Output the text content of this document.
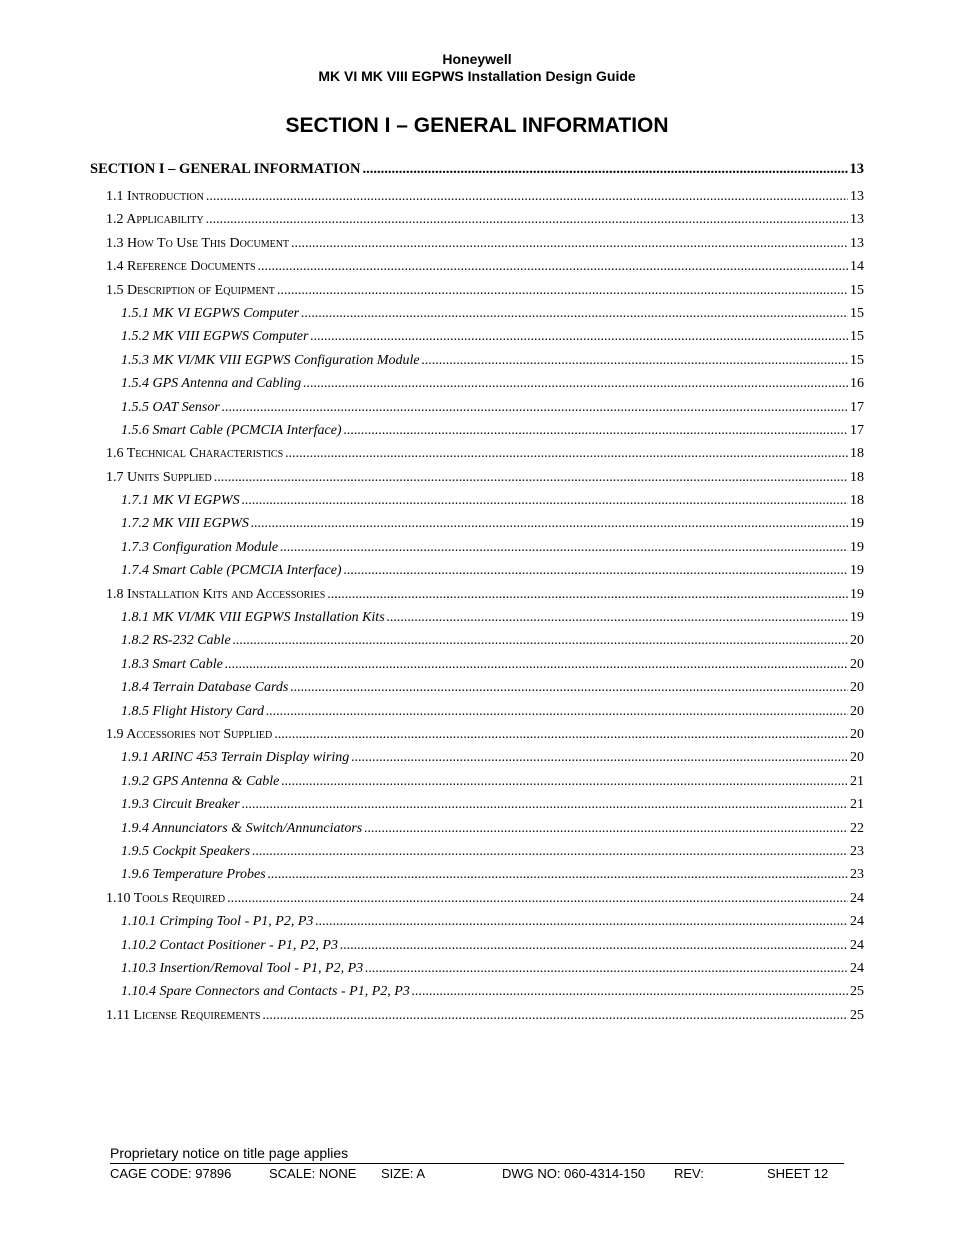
Honeywell
MK VI MK VIII EGPWS Installation Design Guide
SECTION I – GENERAL INFORMATION
SECTION I – GENERAL INFORMATION .....	13
1.1 Introduction .....	13
1.2 Applicability .....	13
1.3 How To Use This Document .....	13
1.4 Reference Documents .....	14
1.5 Description of Equipment .....	15
1.5.1 MK VI EGPWS Computer .....	15
1.5.2 MK VIII EGPWS Computer .....	15
1.5.3 MK VI/MK VIII EGPWS Configuration Module .....	15
1.5.4 GPS Antenna and Cabling .....	16
1.5.5 OAT Sensor .....	17
1.5.6 Smart Cable (PCMCIA Interface) .....	17
1.6 Technical Characteristics .....	18
1.7 Units Supplied .....	18
1.7.1 MK VI EGPWS .....	18
1.7.2 MK VIII EGPWS .....	19
1.7.3 Configuration Module .....	19
1.7.4 Smart Cable (PCMCIA Interface) .....	19
1.8 Installation Kits and Accessories .....	19
1.8.1 MK VI/MK VIII EGPWS Installation Kits .....	19
1.8.2 RS-232 Cable .....	20
1.8.3 Smart Cable .....	20
1.8.4 Terrain Database Cards .....	20
1.8.5 Flight History Card .....	20
1.9 Accessories not Supplied .....	20
1.9.1 ARINC 453 Terrain Display wiring .....	20
1.9.2 GPS Antenna & Cable .....	21
1.9.3 Circuit Breaker .....	21
1.9.4 Annunciators & Switch/Annunciators .....	22
1.9.5 Cockpit Speakers .....	23
1.9.6 Temperature Probes .....	23
1.10 Tools Required .....	24
1.10.1 Crimping Tool - P1, P2, P3 .....	24
1.10.2 Contact Positioner - P1, P2, P3 .....	24
1.10.3 Insertion/Removal Tool - P1, P2, P3 .....	24
1.10.4 Spare Connectors and Contacts - P1, P2, P3 .....	25
1.11 License Requirements .....	25
Proprietary notice on title page applies
CAGE CODE: 97896	SCALE: NONE SIZE: A	DWG NO: 060-4314-150 REV:	SHEET 12
